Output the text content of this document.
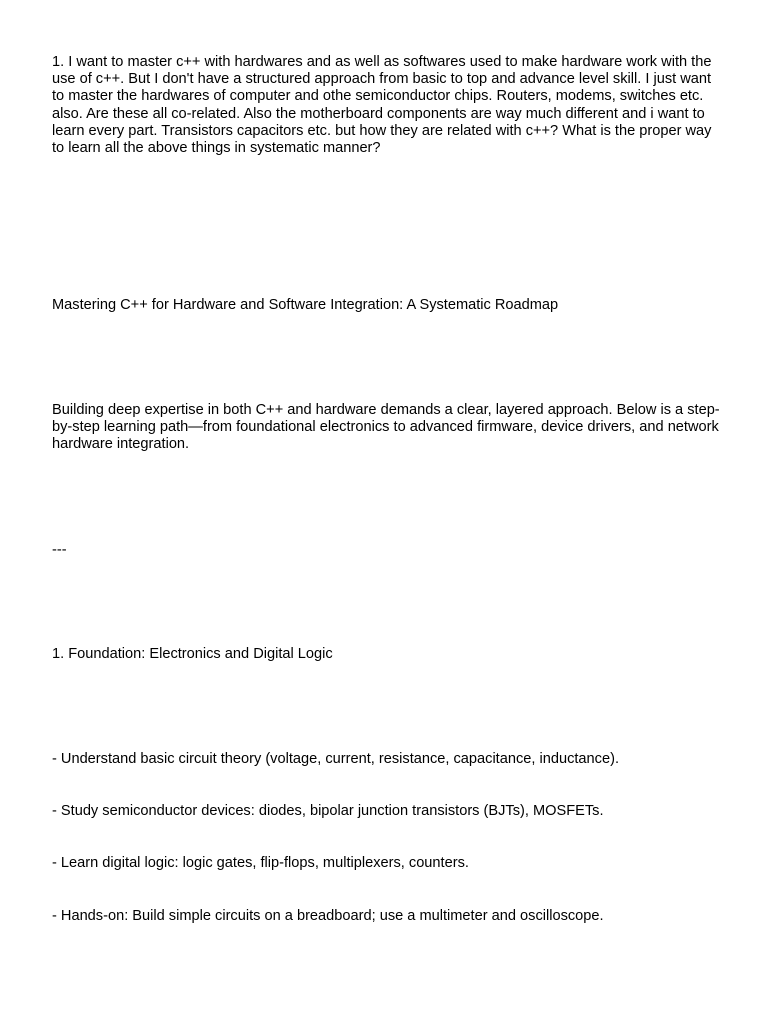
1. I want to master c++ with hardwares and as well as softwares used to make hardware work with the use of c++. But I don't have a structured approach from basic to top and advance level skill. I just want to master the hardwares of computer and othe semiconductor chips. Routers, modems, switches etc. also. Are these all co-related. Also the motherboard components are way much different and i want to learn every part. Transistors capacitors etc. but how they are related with c++? What is the proper way to learn all the above things in systematic manner?

Mastering C++ for Hardware and Software Integration: A Systematic Roadmap

Building deep expertise in both C++ and hardware demands a clear, layered approach. Below is a step-by-step learning path—from foundational electronics to advanced firmware, device drivers, and network hardware integration.

---

1. Foundation: Electronics and Digital Logic

- Understand basic circuit theory (voltage, current, resistance, capacitance, inductance).

- Study semiconductor devices: diodes, bipolar junction transistors (BJTs), MOSFETs.

- Learn digital logic: logic gates, flip-flops, multiplexers, counters.

- Hands-on: Build simple circuits on a breadboard; use a multimeter and oscilloscope.
